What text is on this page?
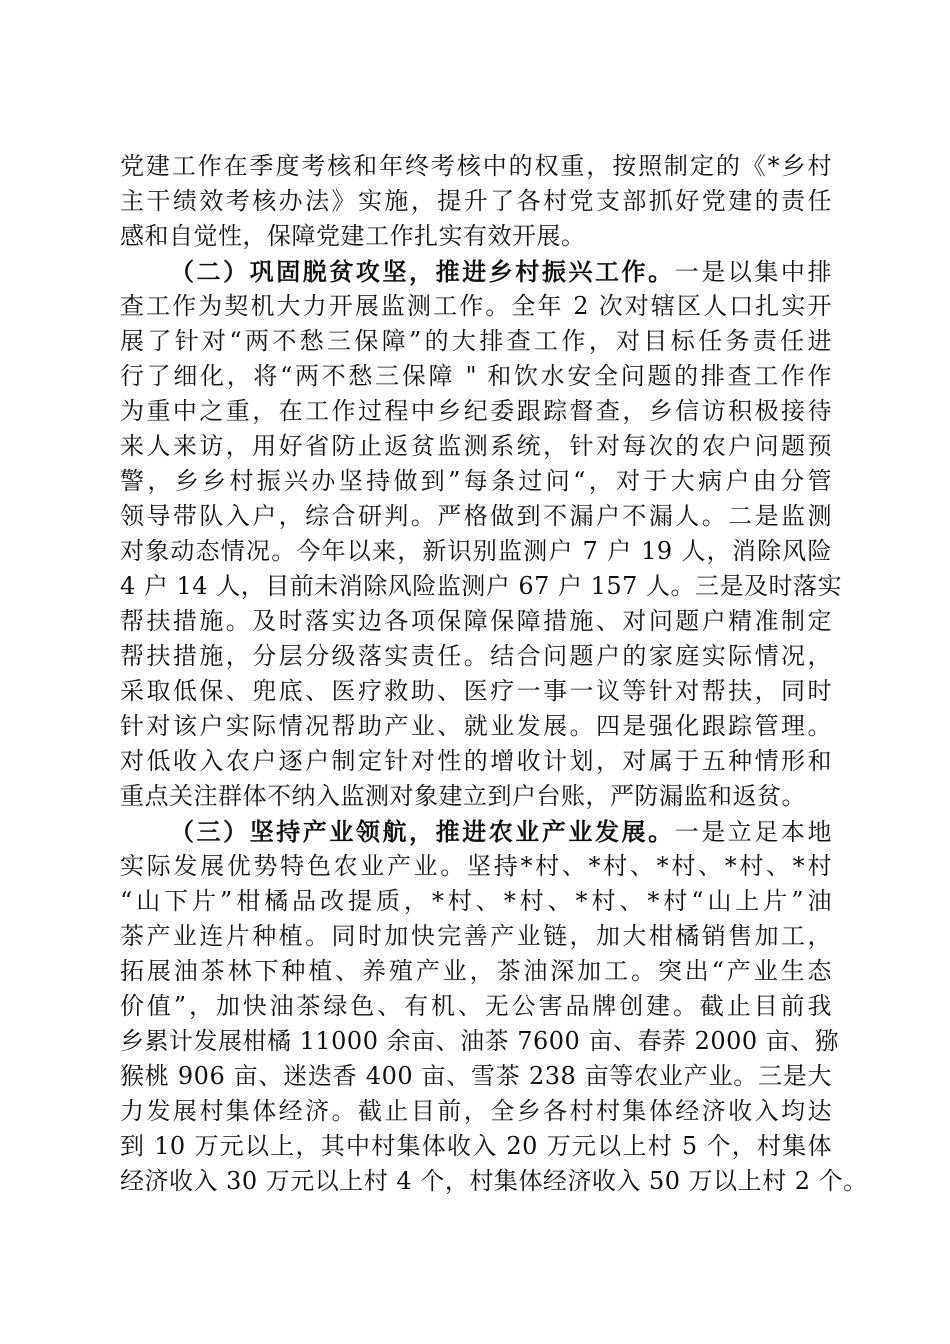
党建工作在季度考核和年终考核中的权重，按照制定的《*乡村
主干绩效考核办法》实施，提升了各村党支部抓好党建的责任
感和自觉性，保障党建工作扎实有效开展。
（二）巩固脱贫攻坚，推进乡村振兴工作。一是以集中排
查工作为契机大力开展监测工作。全年 2 次对辖区人口扎实开
展了针对“两不愁三保障”的大排查工作，对目标任务责任进
行了细化，将“两不愁三保障 " 和饮水安全问题的排查工作作
为重中之重，在工作过程中乡纪委跟踪督查，乡信访积极接待
来人来访，用好省防止返贫监测系统，针对每次的农户问题预
警，乡乡村振兴办坚持做到”每条过问“，对于大病户由分管
领导带队入户，综合研判。严格做到不漏户不漏人。二是监测
对象动态情况。今年以来，新识别监测户 7 户 19 人，消除风险
4 户 14 人，目前未消除风险监测户 67 户 157 人。三是及时落实
帮扶措施。及时落实边各项保障保障措施、对问题户精准制定
帮扶措施，分层分级落实责任。结合问题户的家庭实际情况，
采取低保、兜底、医疗救助、医疗一事一议等针对帮扶，同时
针对该户实际情况帮助产业、就业发展。四是强化跟踪管理。
对低收入农户逐户制定针对性的增收计划，对属于五种情形和
重点关注群体不纳入监测对象建立到户台账，严防漏监和返贫。
（三）坚持产业领航，推进农业产业发展。一是立足本地
实际发展优势特色农业产业。坚持*村、*村、*村、*村、*村
“山下片”柑橘品改提质，*村、*村、*村、*村“山上片”油
茶产业连片种植。同时加快完善产业链，加大柑橘销售加工，
拓展油茶林下种植、养殖产业，茶油深加工。突出“产业生态
价值”，加快油茶绿色、有机、无公害品牌创建。截止目前我
乡累计发展柑橘 11000 余亩、油茶 7600 亩、春荞 2000 亩、猕
猴桃 906 亩、迷迭香 400 亩、雪茶 238 亩等农业产业。三是大
力发展村集体经济。截止目前，全乡各村村集体经济收入均达
到 10 万元以上，其中村集体收入 20 万元以上村 5 个，村集体
经济收入 30 万元以上村 4 个，村集体经济收入 50 万以上村 2 个。
